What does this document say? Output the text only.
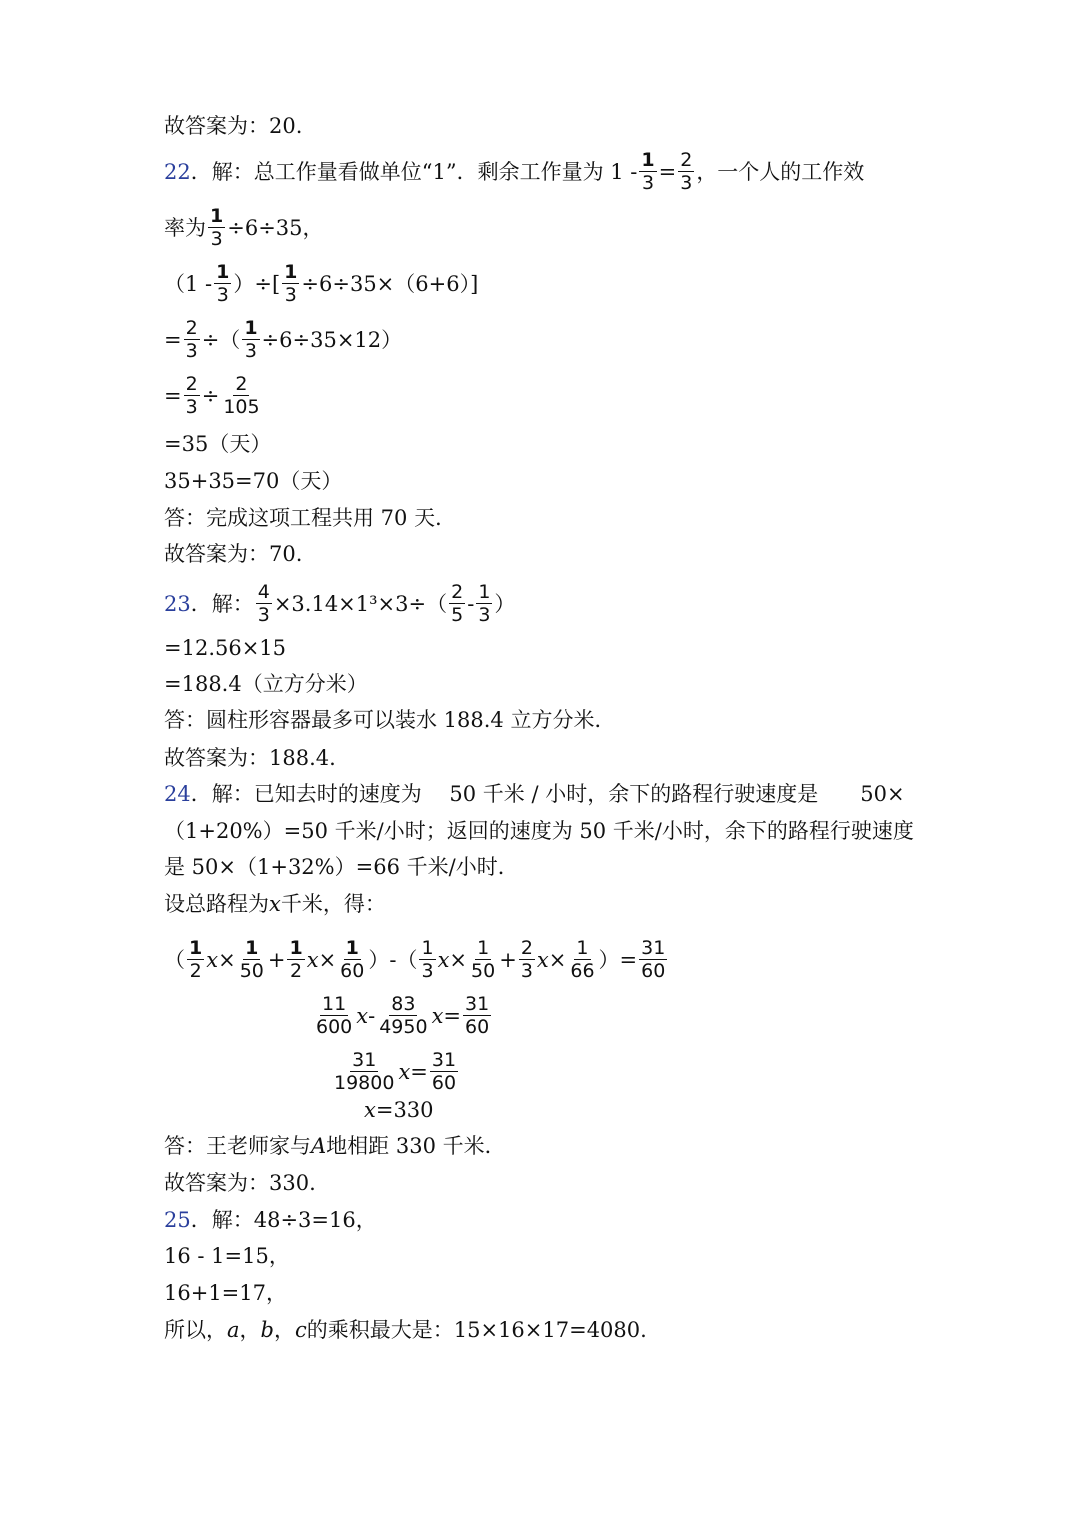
故答案为：20.
22 ．解：总工作量看做单位“1”．剩余工作量为 $1 - \frac{1}{3} = \frac{2}{3}$ ，一个人的工作效
率为 $\frac{1}{3} \div 6\div 35$，
（$1 - \frac{1}{3}$ ）÷[ $\frac{1}{3} \div 6\div 35\times(6+6)$]
= $\frac{2}{3}$ ÷（ $\frac{1}{3} \div 6\div 35\times 12$）
= $\frac{2}{3} \div \frac{2}{105}$
=35（天）
35+35=70（天）
答：完成这项工程共用 70 天．
故答案为：70.
23 ．解： $\frac{4}{3} \times 3.14\times 1^3\times 3\div( \frac{2}{5} - \frac{1}{3}$ ）
=12.56×15
=188.4（立方分米）
答：圆柱形容器最多可以装水 188.4 立方分米．
故答案为：188.4.
24 ．解：已知去时的速度为　 50 千米 / 小时，余下的路程行驶速度是　　50×
（1+20%）=50 千米/小时；返回的速度为 50 千米/小时，余下的路程行驶速度
是 50×（1+32%）=66 千米/小时．
设总路程为 x 千米，得：
（ $\frac{1}{2}$ $x \times \frac{1}{50} + \frac{1}{2}$ $x \times \frac{1}{60}$ ）-（ $\frac{1}{3}$ $x \times \frac{1}{50} + \frac{2}{3}$ $x \times \frac{1}{66}$ ）= $\frac{31}{60}$
$\frac{11}{600}$ x - $\frac{83}{4950}$ $x = \frac{31}{60}$
$\frac{31}{19800}$ $x = \frac{31}{60}$
x =330
答：王老师家与 A 地相距 330 千米．
故答案为：330.
25 ．解：48÷3=16，
16 - 1=15，
16+1=17，
所以， a ， b ， c 的乘积最大是：15×16×17=4080.
